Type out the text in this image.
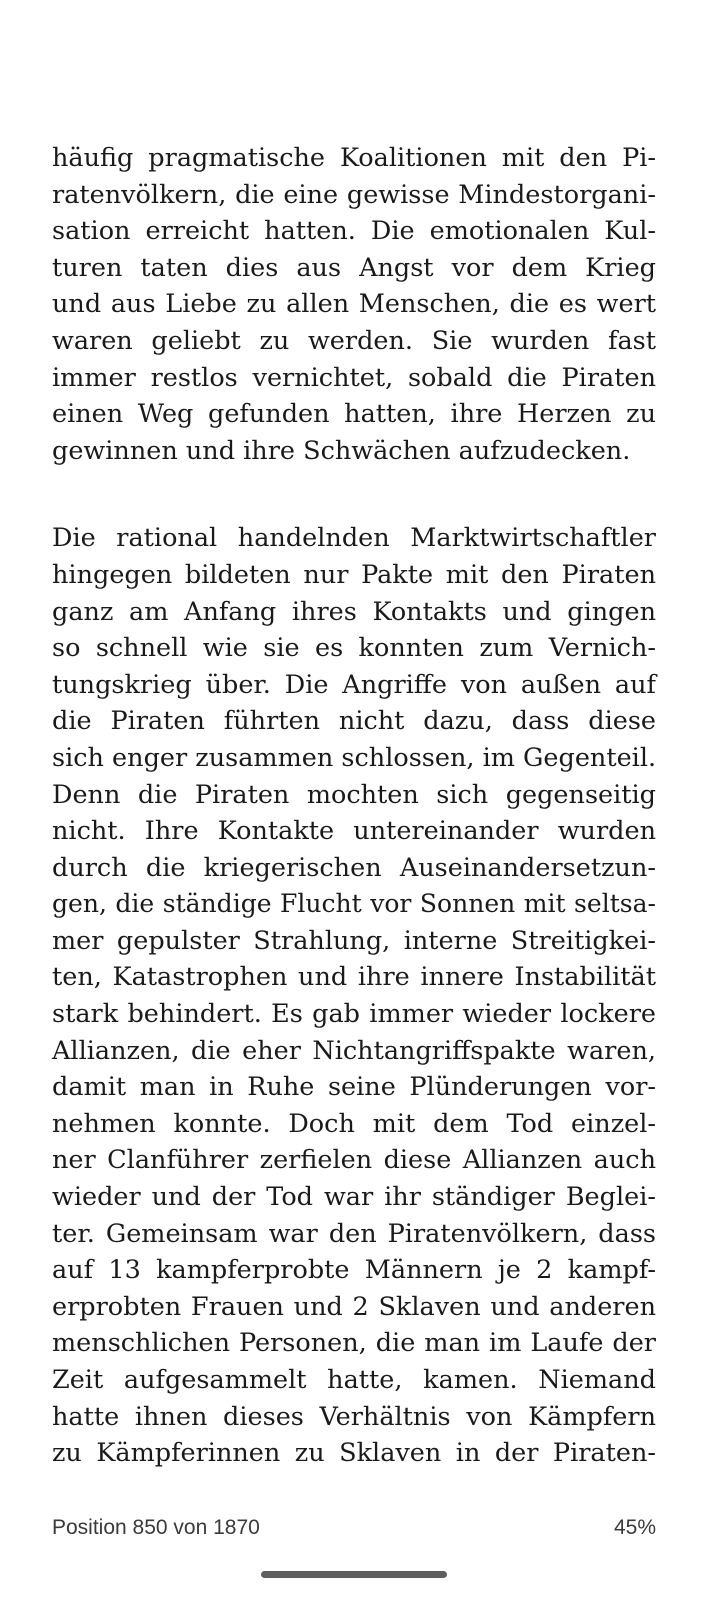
häufig pragmatische Koalitionen mit den Pi-
ratenvölkern, die eine gewisse Mindestorgani-
sation erreicht hatten. Die emotionalen Kul-
turen taten dies aus Angst vor dem Krieg
und aus Liebe zu allen Menschen, die es wert
waren geliebt zu werden. Sie wurden fast
immer restlos vernichtet, sobald die Piraten
einen Weg gefunden hatten, ihre Herzen zu
gewinnen und ihre Schwächen aufzudecken.
Die rational handelnden Marktwirtschaftler
hingegen bildeten nur Pakte mit den Piraten
ganz am Anfang ihres Kontakts und gingen
so schnell wie sie es konnten zum Vernich-
tungskrieg über. Die Angriffe von außen auf
die Piraten führten nicht dazu, dass diese
sich enger zusammen schlossen, im Gegenteil.
Denn die Piraten mochten sich gegenseitig
nicht. Ihre Kontakte untereinander wurden
durch die kriegerischen Auseinandersetzun-
gen, die ständige Flucht vor Sonnen mit seltsa-
mer gepulster Strahlung, interne Streitigkei-
ten, Katastrophen und ihre innere Instabilität
stark behindert. Es gab immer wieder lockere
Allianzen, die eher Nichtangriffspakte waren,
damit man in Ruhe seine Plünderungen vor-
nehmen konnte. Doch mit dem Tod einzel-
ner Clanführer zerfielen diese Allianzen auch
wieder und der Tod war ihr ständiger Beglei-
ter. Gemeinsam war den Piratenvölkern, dass
auf 13 kampferprobte Männern je 2 kampf-
erprobten Frauen und 2 Sklaven und anderen
menschlichen Personen, die man im Laufe der
Zeit aufgesammelt hatte, kamen. Niemand
hatte ihnen dieses Verhältnis von Kämpfern
zu Kämpferinnen zu Sklaven in der Piraten-
Position 850 von 1870	45%
